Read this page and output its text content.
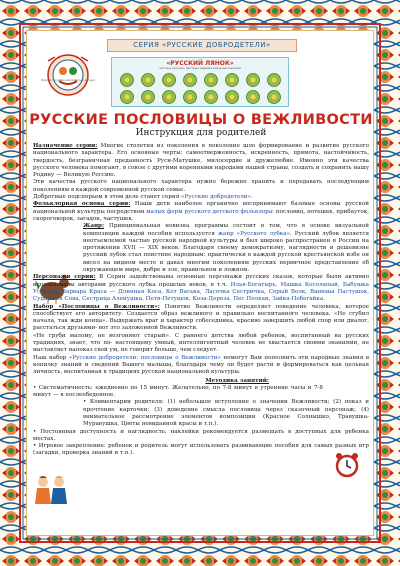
СЕРИЯ «РУССКИЕ ДОБРОДЕТЕЛИ»
Блокнот-пособие для работы с детьми
«РУССКИЙ ЛЯНОК»
честные рисунки, быстрые задания для дошкольников
РУССКИЕ ПОСЛОВИЦЫ О ВЕЖЛИВОСТИ
Инструкция для родителей

Назначение серии: Многие столетия из поколения в поколение шло формирование и развитие русского национального характера. Его основные черты: самоотверженность, искренность, прямота, настойчивость, твердость, безграничная преданность Руси-Матушке, милосердие и дружелюбие. Именно эти качества русского человека помогают, в союзе с другими коренными народами нашей страны, создать и сохранить нашу Родину — Великую Россию.

Эти качества русского национального характера нужно бережно хранить и передавать последующим поколениям в каждой современной русской семье.

Добротные подспорьем в этом деле станет серия «Русские добродетели».

Фольклорная основа серии: Наши дети наиболее органично воспринимают базовые основы русской национальной культуры посредством малых форм русского детского фольклора: пословиц, потешек, прибауток, скороговорок, загадок, частушек.

Жанр: Принципиальная новизна программы состоит в том, что в основе визуальной композиции каждой пособия используется жанр «Русского лубка». Русский лубок является неотъемлемой частью русской народной культуры и был широко распространен в России на протяжении XVII — XIX веков. Благодаря своему демократизму, наглядности и дешевизне русский лубок стал поистине народным: практически в каждой русской крестьянской избе он висел на видном месте и давал многим поколениям русских первичное представление об окружающем мире, добре и зле, правильном и ложном.

Персонажи серии: В Серии задействованы основные персонажи русских сказок, которые были активно использованы авторами русского лубка прошлых веков, в т.ч. Илья-Богатырь, Машка Косолапый, Бабушка Устинья, Варвара Краса — Длинная Коса, Кот Васька, Ласочка Сестричка, Серый Волк, Ванюша Пастушок, Сударыня Сова, Сестрица Аленушка, Петя-Петушок, Коза-Дереза, Пес Полкан, Зайка-Побегайка.

Набор «Пословицы о Вежливости»: Понятие Вежливости определяет поведение человека, которое способствует его авторитету. Создается образ вежливого и правильно воспитанного человека. «Не сгубил начала, так жди конца». Выдержать враг и характер собеседника, красиво завершить любой спор или диалог, расстаться друзьями- вот это заложенной Вежливости.

«Не груби малому, не возгоняют старый». С раннего детства любой ребенок, воспитанный на русских традициях, знает, что по- настоящему умный, интеллигентный человек не хвастается своими знаниями, не выставляет напоказ свой ум, не говорит больше, чем следует.

Наш набор «Русские добродетели: пословицы о Вежливости» помогут Вам пополнить эти народные знания в копилку знаний и сведений Вашего малыша, благодаря чему он будет расти и формироваться как цельная личность, воспитанная в традициях русской национальной культуры.

Методика занятий:

• Систематичность: ежедневно по 15 минут. Желательно, по 7-8 минут в утренние часы и 7-8 минут — в послеобеденное.

• Комментарии родителя: (1) небольшое вступление о значении Вежливости; (2) показ и прочтение карточки; (3) доведение смысла пословица через сказочный персонаж; (4) внимательное рассмотрение элементов композиции (Красное Солнышко, Травушка-Муравушка, Цветы невиданной красы и т.п.).

• Постоянная доступность и наглядность: наклейки рекомендуется размещать в доступных для ребенка местах.

• Игровое закрепление: ребенок и родитель могут использовать развивающие пособия для самых разных игр (загадки, проверка знаний и т.п.).
